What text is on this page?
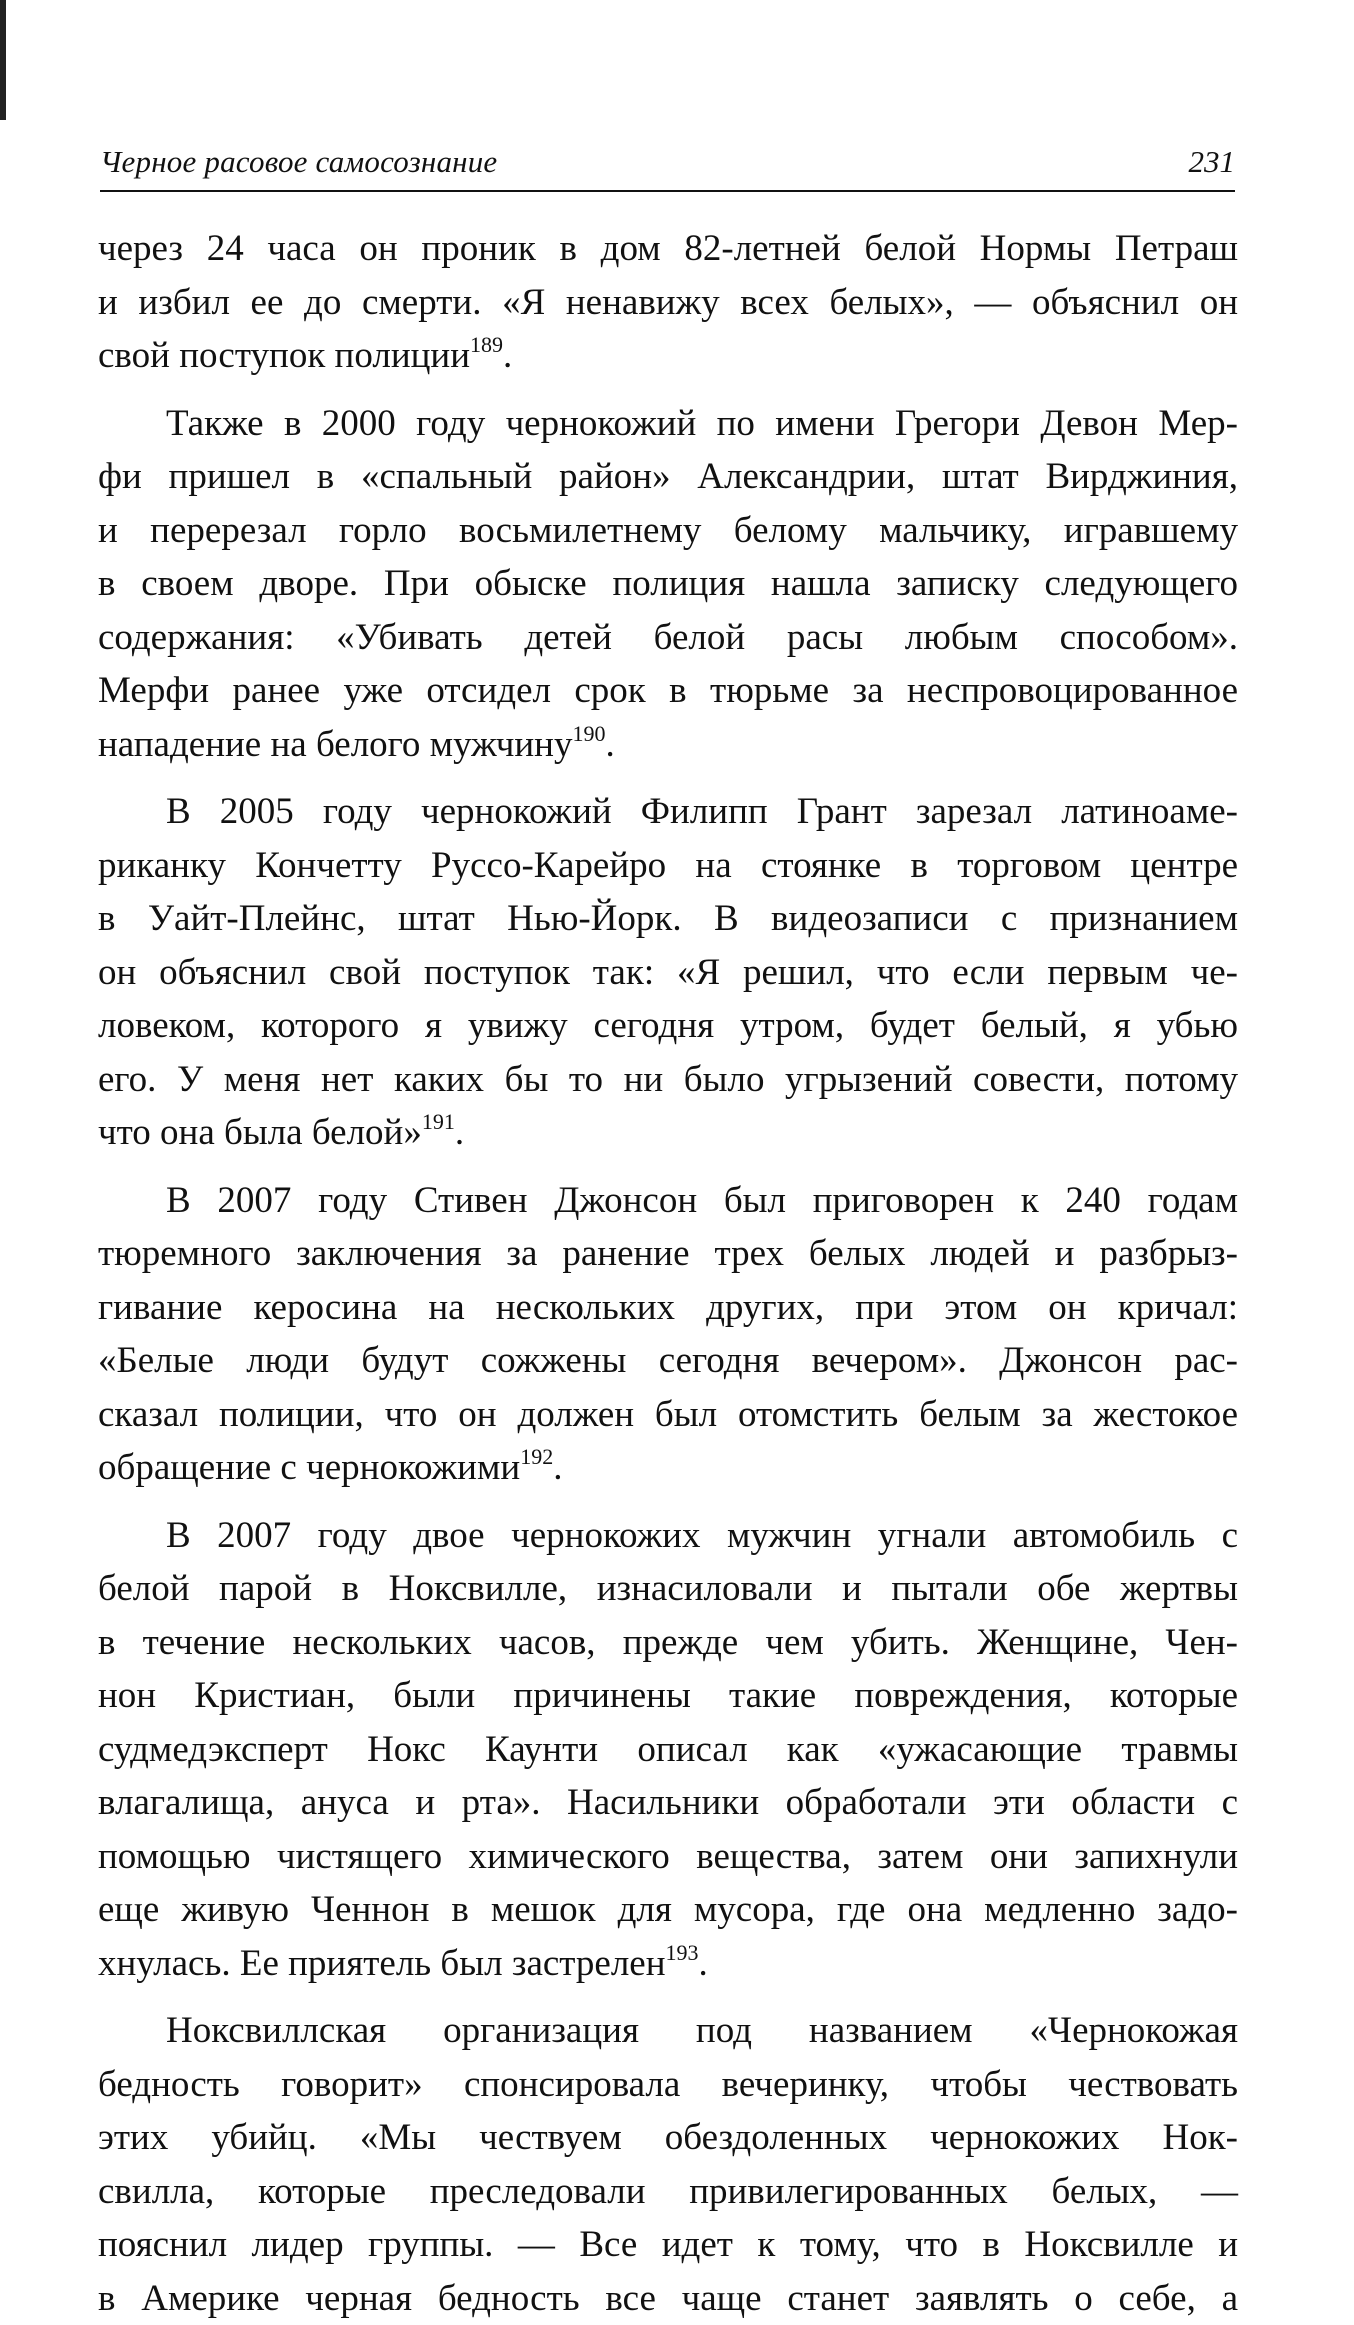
Черное расовое самосознание	231

через 24 часа он проник в дом 82-летней белой Нормы Петраш
и избил ее до смерти. «Я ненавижу всех белых», — объяснил он
свой поступок полиции$^{189}$.

Также в 2000 году чернокожий по имени Грегори Девон Мер-
фи пришел в «спальный район» Александрии, штат Вирджиния,
и перерезал горло восьмилетнему белому мальчику, игравшему
в своем дворе. При обыске полиция нашла записку следующего
содержания: «Убивать детей белой расы любым способом».
Мерфи ранее уже отсидел срок в тюрьме за неспровоцированное
нападение на белого мужчину$^{190}$.

В 2005 году чернокожий Филипп Грант зарезал латиноаме-
риканку Кончетту Руссо-Карейро на стоянке в торговом центре
в Уайт-Плейнс, штат Нью-Йорк. В видеозаписи с признанием
он объяснил свой поступок так: «Я решил, что если первым че-
ловеком, которого я увижу сегодня утром, будет белый, я убью
его. У меня нет каких бы то ни было угрызений совести, потому
что она была белой»$^{191}$.

В 2007 году Стивен Джонсон был приговорен к 240 годам
тюремного заключения за ранение трех белых людей и разбрыз-
гивание керосина на нескольких других, при этом он кричал:
«Белые люди будут сожжены сегодня вечером». Джонсон рас-
сказал полиции, что он должен был отомстить белым за жестокое
обращение с чернокожими$^{192}$.

В 2007 году двое чернокожих мужчин угнали автомобиль с
белой парой в Ноксвилле, изнасиловали и пытали обе жертвы
в течение нескольких часов, прежде чем убить. Женщине, Чен-
нон Кристиан, были причинены такие повреждения, которые
судмедэксперт Нокс Каунти описал как «ужасающие травмы
влагалища, ануса и рта». Насильники обработали эти области с
помощью чистящего химического вещества, затем они запихнули
еще живую Ченнон в мешок для мусора, где она медленно задо-
хнулась. Ее приятель был застрелен$^{193}$.

Ноксвиллская организация под названием «Чернокожая
бедность говорит» спонсировала вечеринку, чтобы чествовать
этих убийц. «Мы чествуем обездоленных чернокожих Нок-
свилла, которые преследовали привилегированных белых, —
пояснил лидер группы. — Все идет к тому, что в Ноксвилле и
в Америке черная бедность все чаще станет заявлять о себе, а
